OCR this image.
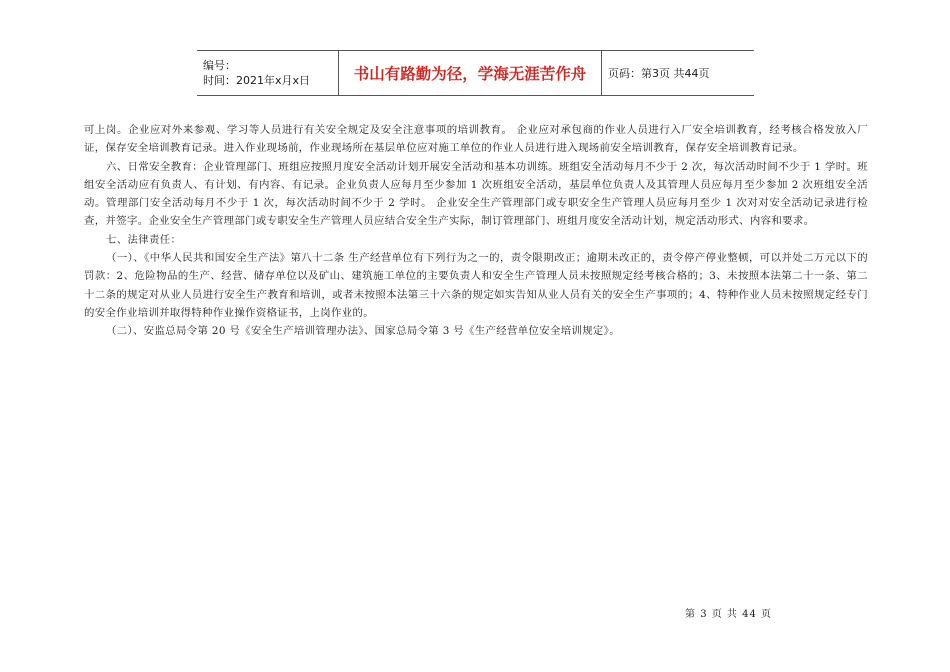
编号：
时间：2021年x月x日	书山有路勤为径，学海无涯苦作舟 页码：第3页 共44页

可上岗。企业应对外来参观、学习等人员进行有关安全规定及安全注意事项的培训教育。 企业应对承包商的作业人员进行入厂安全培训教育，经考核合格发放入厂证，保存安全培训教育记录。进入作业现场前，作业现场所在基层单位应对施工单位的作业人员进行进入现场前安全培训教育，保存安全培训教育记录。

六、日常安全教育：企业管理部门、班组应按照月度安全活动计划开展安全活动和基本功训练。班组安全活动每月不少于 2 次，每次活动时间不少于 1 学时。班组安全活动应有负责人、有计划、有内容、有记录。企业负责人应每月至少参加 1 次班组安全活动，基层单位负责人及其管理人员应每月至少参加 2 次班组安全活动。管理部门安全活动每月不少于 1 次，每次活动时间不少于 2 学时。 企业安全生产管理部门或专职安全生产管理人员应每月至少 1 次对对安全活动记录进行检查，并签字。企业安全生产管理部门或专职安全生产管理人员应结合安全生产实际，制订管理部门、班组月度安全活动计划，规定活动形式、内容和要求。

七、法律责任：

（一）、《中华人民共和国安全生产法》第八十二条 生产经营单位有下列行为之一的，责令限期改正；逾期未改正的，责令停产停业整顿，可以并处二万元以下的罚款：2、危险物品的生产、经营、储存单位以及矿山、建筑施工单位的主要负责人和安全生产管理人员未按照规定经考核合格的；3、未按照本法第二十一条、第二十二条的规定对从业人员进行安全生产教育和培训，或者未按照本法第三十六条的规定如实告知从业人员有关的安全生产事项的；4、特种作业人员未按照规定经专门的安全作业培训并取得特种作业操作资格证书，上岗作业的。

（二）、安监总局令第 20 号《安全生产培训管理办法》、国家总局令第 3 号《生产经营单位安全培训规定》。

第 3 页 共 44 页
